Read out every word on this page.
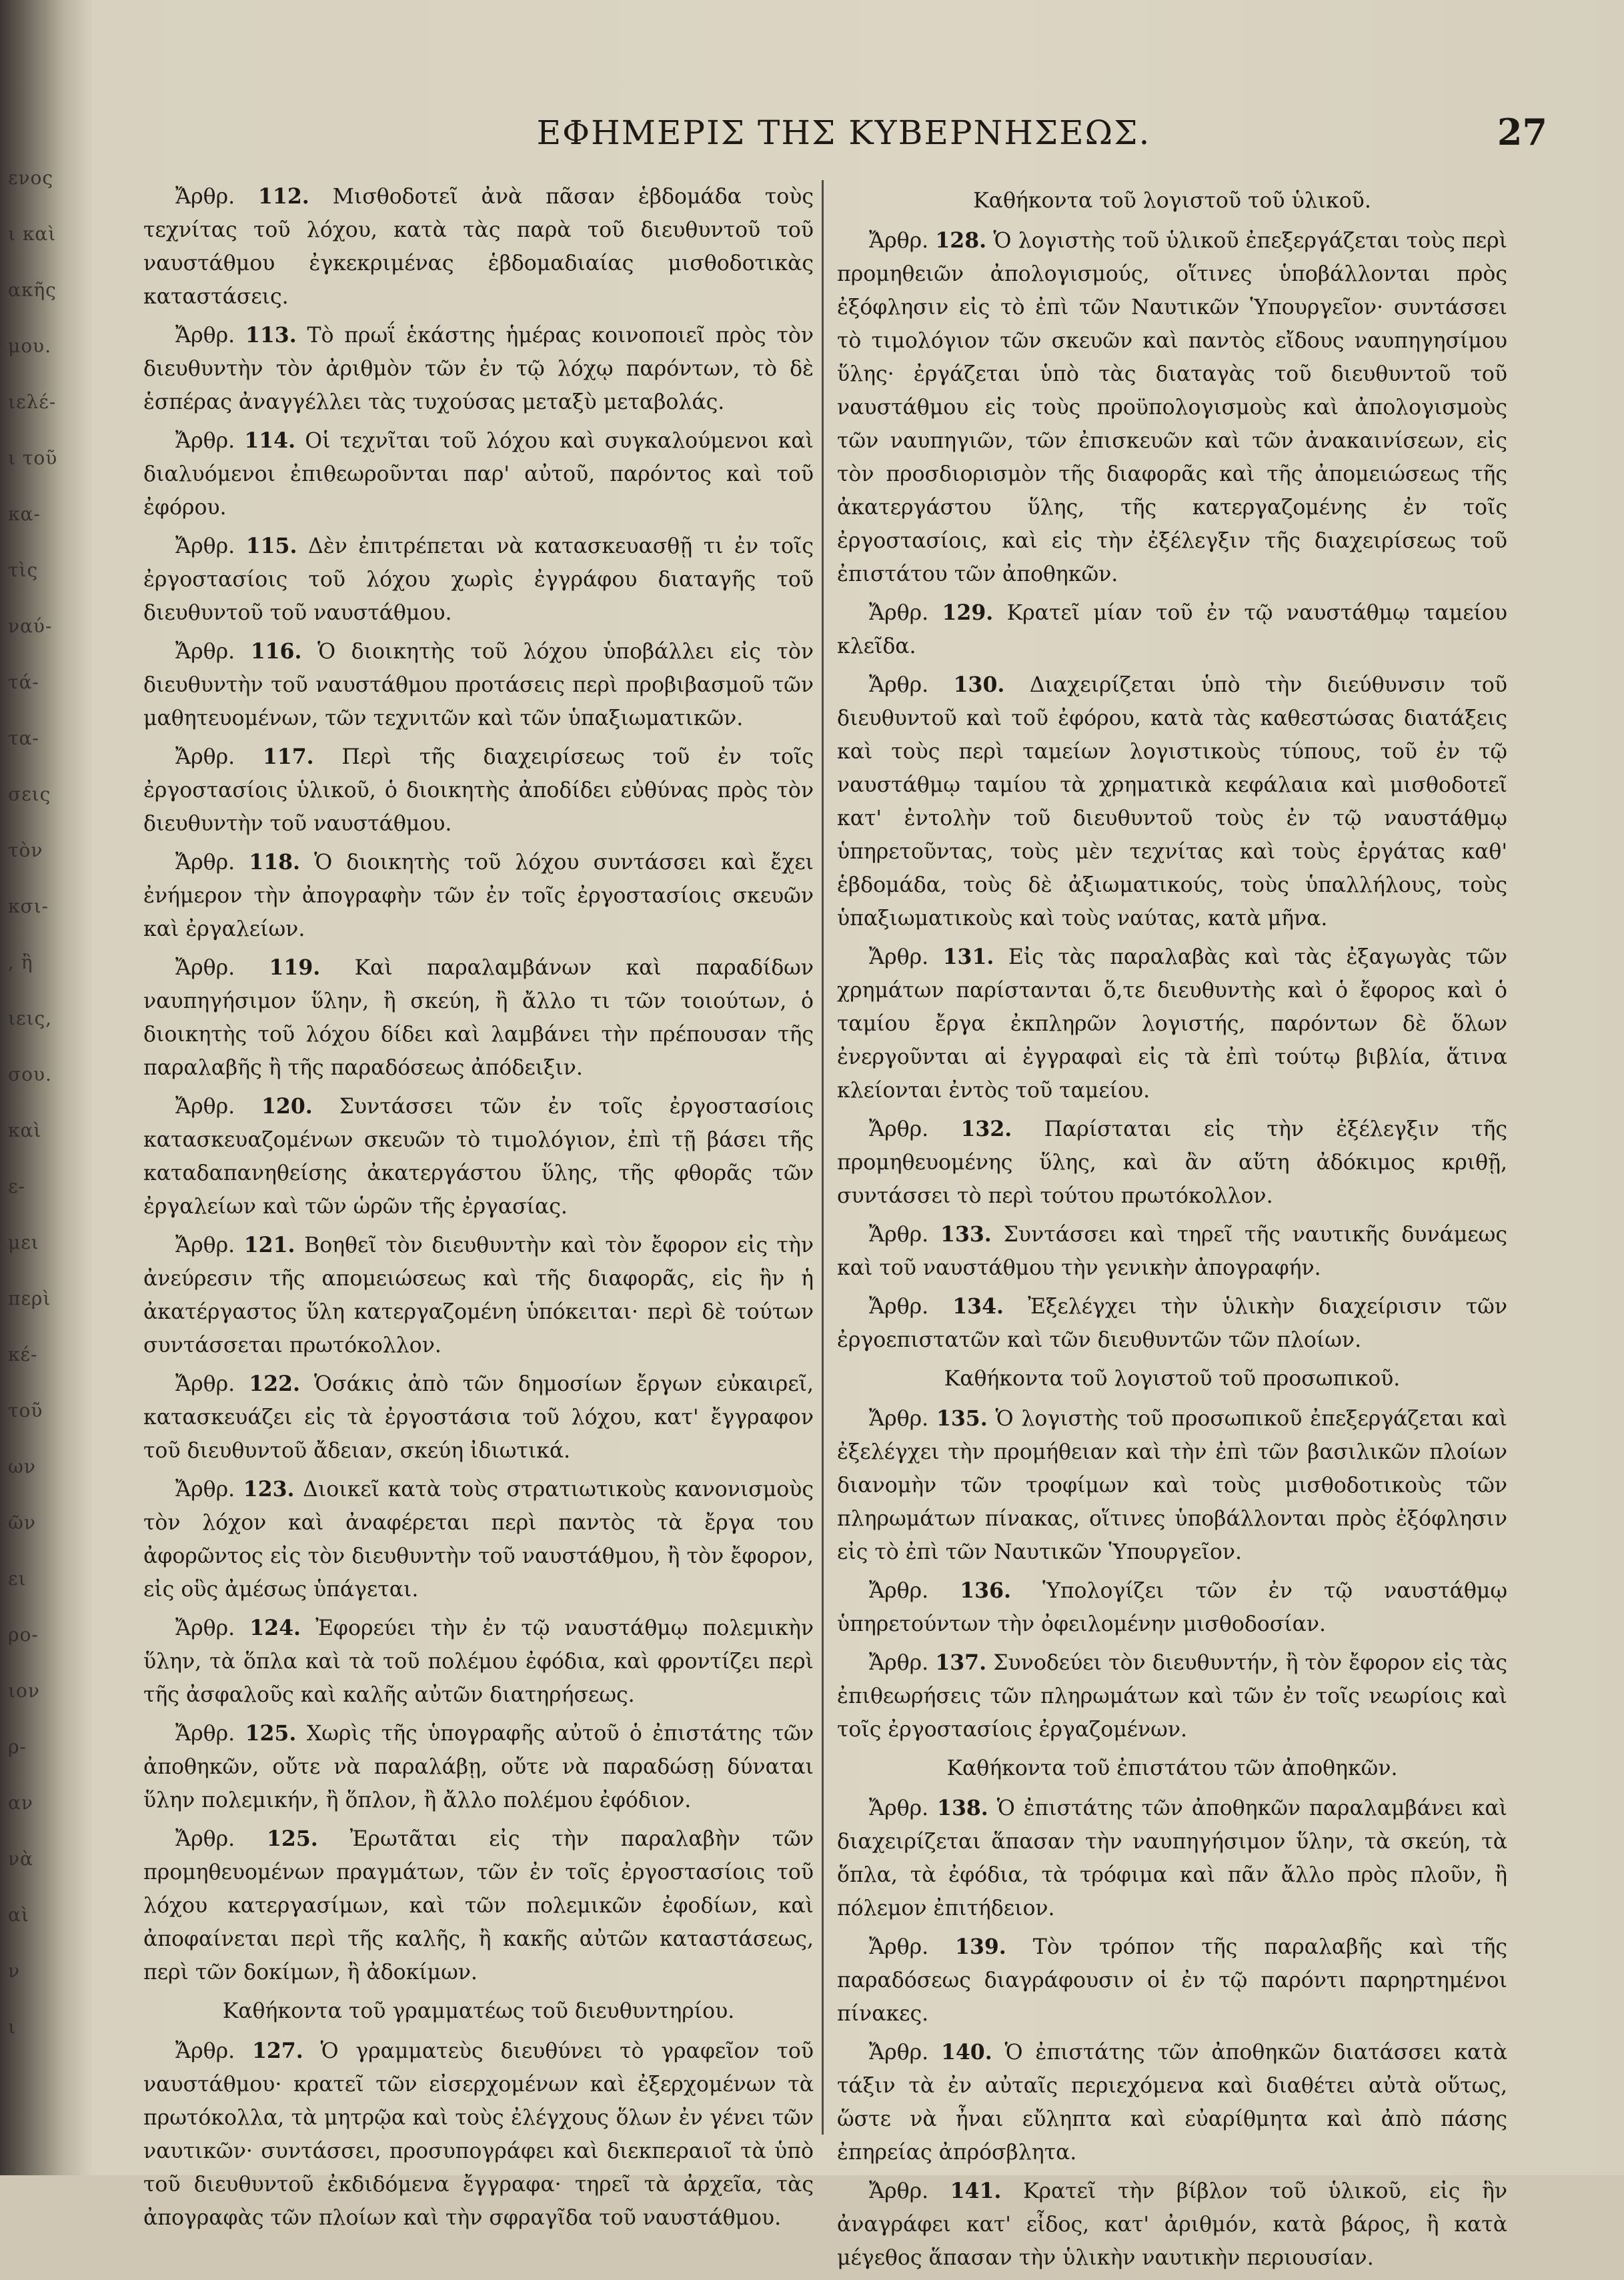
ενος
ι καὶ
ακῆς
μου.
ιελέ-
ι τοῦ
κα-
τὶς
ναύ-
τά-
τα-
σεις
τὸν
κσι-
, ἢ
ιεις,
σου.
καὶ
ε-
μει
περὶ
κέ-
τοῦ
ων
ῶν
ει
ρο-
ιον
ρ-
αν
νὰ
αὶ
ν
ι
ΕΦΗΜΕΡΙΣ ΤΗΣ ΚΥΒΕΡΝΗΣΕΩΣ.	27

Ἄρθρ. 112. Μισθοδοτεῖ ἀνὰ πᾶσαν ἑβδομάδα τοὺς τεχνίτας τοῦ λόχου, κατὰ τὰς παρὰ τοῦ διευθυντοῦ τοῦ ναυστάθμου ἐγκεκριμένας ἑβδομαδιαίας μισθοδοτικὰς καταστάσεις.

Ἄρθρ. 113. Τὸ πρωΐ ἑκάστης ἡμέρας κοινοποιεῖ πρὸς τὸν διευθυντὴν τὸν ἀριθμὸν τῶν ἐν τῷ λόχῳ παρόντων, τὸ δὲ ἑσπέρας ἀναγγέλλει τὰς τυχούσας μεταξὺ μεταβολάς.

Ἄρθρ. 114. Οἱ τεχνῖται τοῦ λόχου καὶ συγκαλούμενοι καὶ διαλυόμενοι ἐπιθεωροῦνται παρ' αὐτοῦ, παρόντος καὶ τοῦ ἐφόρου.

Ἄρθρ. 115. Δὲν ἐπιτρέπεται νὰ κατασκευασθῇ τι ἐν τοῖς ἐργοστασίοις τοῦ λόχου χωρὶς ἐγγράφου διαταγῆς τοῦ διευθυντοῦ τοῦ ναυστάθμου.

Ἄρθρ. 116. Ὁ διοικητὴς τοῦ λόχου ὑποβάλλει εἰς τὸν διευθυντὴν τοῦ ναυστάθμου προτάσεις περὶ προβιβασμοῦ τῶν μαθητευομένων, τῶν τεχνιτῶν καὶ τῶν ὑπαξιωματικῶν.

Ἄρθρ. 117. Περὶ τῆς διαχειρίσεως τοῦ ἐν τοῖς ἐργοστασίοις ὑλικοῦ, ὁ διοικητὴς ἀποδίδει εὐθύνας πρὸς τὸν διευθυντὴν τοῦ ναυστάθμου.

Ἄρθρ. 118. Ὁ διοικητὴς τοῦ λόχου συντάσσει καὶ ἔχει ἐνήμερον τὴν ἀπογραφὴν τῶν ἐν τοῖς ἐργοστασίοις σκευῶν καὶ ἐργαλείων.

Ἄρθρ. 119. Καὶ παραλαμβάνων καὶ παραδίδων ναυπηγήσιμον ὕλην, ἢ σκεύη, ἢ ἄλλο τι τῶν τοιούτων, ὁ διοικητὴς τοῦ λόχου δίδει καὶ λαμβάνει τὴν πρέπουσαν τῆς παραλαβῆς ἢ τῆς παραδόσεως ἀπόδειξιν.

Ἄρθρ. 120. Συντάσσει τῶν ἐν τοῖς ἐργοστασίοις κατασκευαζομένων σκευῶν τὸ τιμολόγιον, ἐπὶ τῇ βάσει τῆς καταδαπανηθείσης ἀκατεργάστου ὕλης, τῆς φθορᾶς τῶν ἐργαλείων καὶ τῶν ὡρῶν τῆς ἐργασίας.

Ἄρθρ. 121. Βοηθεῖ τὸν διευθυντὴν καὶ τὸν ἔφορον εἰς τὴν ἀνεύρεσιν τῆς απομειώσεως καὶ τῆς διαφορᾶς, εἰς ἣν ἡ ἀκατέργαστος ὕλη κατεργαζομένη ὑπόκειται· περὶ δὲ τούτων συντάσσεται πρωτόκολλον.

Ἄρθρ. 122. Ὁσάκις ἀπὸ τῶν δημοσίων ἔργων εὐκαιρεῖ, κατασκευάζει εἰς τὰ ἐργοστάσια τοῦ λόχου, κατ' ἔγγραφον τοῦ διευθυντοῦ ἄδειαν, σκεύη ἰδιωτικά.

Ἄρθρ. 123. Διοικεῖ κατὰ τοὺς στρατιωτικοὺς κανονισμοὺς τὸν λόχον καὶ ἀναφέρεται περὶ παντὸς τὰ ἔργα του ἀφορῶντος εἰς τὸν διευθυντὴν τοῦ ναυστάθμου, ἢ τὸν ἔφορον, εἰς οὓς ἀμέσως ὑπάγεται.

Ἄρθρ. 124. Ἐφορεύει τὴν ἐν τῷ ναυστάθμῳ πολεμικὴν ὕλην, τὰ ὅπλα καὶ τὰ τοῦ πολέμου ἐφόδια, καὶ φροντίζει περὶ τῆς ἀσφαλοῦς καὶ καλῆς αὐτῶν διατηρήσεως.

Ἄρθρ. 125. Χωρὶς τῆς ὑπογραφῆς αὐτοῦ ὁ ἐπιστάτης τῶν ἀποθηκῶν, οὔτε νὰ παραλάβῃ, οὔτε νὰ παραδώσῃ δύναται ὕλην πολεμικήν, ἢ ὅπλον, ἢ ἄλλο πολέμου ἐφόδιον.

Ἄρθρ. 125. Ἐρωτᾶται εἰς τὴν παραλαβὴν τῶν προμηθευομένων πραγμάτων, τῶν ἐν τοῖς ἐργοστασίοις τοῦ λόχου κατεργασίμων, καὶ τῶν πολεμικῶν ἐφοδίων, καὶ ἀποφαίνεται περὶ τῆς καλῆς, ἢ κακῆς αὐτῶν καταστάσεως, περὶ τῶν δοκίμων, ἢ ἀδοκίμων.

Καθήκοντα τοῦ γραμματέως τοῦ διευθυντηρίου.

Ἄρθρ. 127. Ὁ γραμματεὺς διευθύνει τὸ γραφεῖον τοῦ ναυστάθμου· κρατεῖ τῶν εἰσερχομένων καὶ ἐξερχομένων τὰ πρωτόκολλα, τὰ μητρῷα καὶ τοὺς ἐλέγχους ὅλων ἐν γένει τῶν ναυτικῶν· συντάσσει, προσυπογράφει καὶ διεκπεραιοῖ τὰ ὑπὸ τοῦ διευθυντοῦ ἐκδιδόμενα ἔγγραφα· τηρεῖ τὰ ἀρχεῖα, τὰς ἀπογραφὰς τῶν πλοίων καὶ τὴν σφραγῖδα τοῦ ναυστάθμου.

Καθήκοντα τοῦ λογιστοῦ τοῦ ὑλικοῦ.

Ἄρθρ. 128. Ὁ λογιστὴς τοῦ ὑλικοῦ ἐπεξεργάζεται τοὺς περὶ προμηθειῶν ἀπολογισμούς, οἵτινες ὑποβάλλονται πρὸς ἐξόφλησιν εἰς τὸ ἐπὶ τῶν Ναυτικῶν Ὑπουργεῖον· συντάσσει τὸ τιμολόγιον τῶν σκευῶν καὶ παντὸς εἴδους ναυπηγησίμου ὕλης· ἐργάζεται ὑπὸ τὰς διαταγὰς τοῦ διευθυντοῦ τοῦ ναυστάθμου εἰς τοὺς προϋπολογισμοὺς καὶ ἀπολογισμοὺς τῶν ναυπηγιῶν, τῶν ἐπισκευῶν καὶ τῶν ἀνακαινίσεων, εἰς τὸν προσδιορισμὸν τῆς διαφορᾶς καὶ τῆς ἀπομειώσεως τῆς ἀκατεργάστου ὕλης, τῆς κατεργαζομένης ἐν τοῖς ἐργοστασίοις, καὶ εἰς τὴν ἐξέλεγξιν τῆς διαχειρίσεως τοῦ ἐπιστάτου τῶν ἀποθηκῶν.

Ἄρθρ. 129. Κρατεῖ μίαν τοῦ ἐν τῷ ναυστάθμῳ ταμείου κλεῖδα.

Ἄρθρ. 130. Διαχειρίζεται ὑπὸ τὴν διεύθυνσιν τοῦ διευθυντοῦ καὶ τοῦ ἐφόρου, κατὰ τὰς καθεστώσας διατάξεις καὶ τοὺς περὶ ταμείων λογιστικοὺς τύπους, τοῦ ἐν τῷ ναυστάθμῳ ταμίου τὰ χρηματικὰ κεφάλαια καὶ μισθοδοτεῖ κατ' ἐντολὴν τοῦ διευθυντοῦ τοὺς ἐν τῷ ναυστάθμῳ ὑπηρετοῦντας, τοὺς μὲν τεχνίτας καὶ τοὺς ἐργάτας καθ' ἑβδομάδα, τοὺς δὲ ἀξιωματικούς, τοὺς ὑπαλλήλους, τοὺς ὑπαξιωματικοὺς καὶ τοὺς ναύτας, κατὰ μῆνα.

Ἄρθρ. 131. Εἰς τὰς παραλαβὰς καὶ τὰς ἐξαγωγὰς τῶν χρημάτων παρίστανται ὅ,τε διευθυντὴς καὶ ὁ ἔφορος καὶ ὁ ταμίου ἔργα ἐκπληρῶν λογιστής, παρόντων δὲ ὅλων ἐνεργοῦνται αἱ ἐγγραφαὶ εἰς τὰ ἐπὶ τούτῳ βιβλία, ἅτινα κλείονται ἐντὸς τοῦ ταμείου.

Ἄρθρ. 132. Παρίσταται εἰς τὴν ἐξέλεγξιν τῆς προμηθευομένης ὕλης, καὶ ἂν αὕτη ἀδόκιμος κριθῇ, συντάσσει τὸ περὶ τούτου πρωτόκολλον.

Ἄρθρ. 133. Συντάσσει καὶ τηρεῖ τῆς ναυτικῆς δυνάμεως καὶ τοῦ ναυστάθμου τὴν γενικὴν ἀπογραφήν.

Ἄρθρ. 134. Ἐξελέγχει τὴν ὑλικὴν διαχείρισιν τῶν ἐργοεπιστατῶν καὶ τῶν διευθυντῶν τῶν πλοίων.

Καθήκοντα τοῦ λογιστοῦ τοῦ προσωπικοῦ.

Ἄρθρ. 135. Ὁ λογιστὴς τοῦ προσωπικοῦ ἐπεξεργάζεται καὶ ἐξελέγχει τὴν προμήθειαν καὶ τὴν ἐπὶ τῶν βασιλικῶν πλοίων διανομὴν τῶν τροφίμων καὶ τοὺς μισθοδοτικοὺς τῶν πληρωμάτων πίνακας, οἵτινες ὑποβάλλονται πρὸς ἐξόφλησιν εἰς τὸ ἐπὶ τῶν Ναυτικῶν Ὑπουργεῖον.

Ἄρθρ. 136. Ὑπολογίζει τῶν ἐν τῷ ναυστάθμῳ ὑπηρετούντων τὴν ὀφειλομένην μισθοδοσίαν.

Ἄρθρ. 137. Συνοδεύει τὸν διευθυντήν, ἢ τὸν ἔφορον εἰς τὰς ἐπιθεωρήσεις τῶν πληρωμάτων καὶ τῶν ἐν τοῖς νεωρίοις καὶ τοῖς ἐργοστασίοις ἐργαζομένων.

Καθήκοντα τοῦ ἐπιστάτου τῶν ἀποθηκῶν.

Ἄρθρ. 138. Ὁ ἐπιστάτης τῶν ἀποθηκῶν παραλαμβάνει καὶ διαχειρίζεται ἅπασαν τὴν ναυπηγήσιμον ὕλην, τὰ σκεύη, τὰ ὅπλα, τὰ ἐφόδια, τὰ τρόφιμα καὶ πᾶν ἄλλο πρὸς πλοῦν, ἢ πόλεμον ἐπιτήδειον.

Ἄρθρ. 139. Τὸν τρόπον τῆς παραλαβῆς καὶ τῆς παραδόσεως διαγράφουσιν οἱ ἐν τῷ παρόντι παρηρτημένοι πίνακες.

Ἄρθρ. 140. Ὁ ἐπιστάτης τῶν ἀποθηκῶν διατάσσει κατὰ τάξιν τὰ ἐν αὐταῖς περιεχόμενα καὶ διαθέτει αὐτὰ οὕτως, ὥστε νὰ ἦναι εὔληπτα καὶ εὐαρίθμητα καὶ ἀπὸ πάσης ἐπηρείας ἀπρόσβλητα.

Ἄρθρ. 141. Κρατεῖ τὴν βίβλον τοῦ ὑλικοῦ, εἰς ἣν ἀναγράφει κατ' εἶδος, κατ' ἀριθμόν, κατὰ βάρος, ἢ κατὰ μέγεθος ἅπασαν τὴν ὑλικὴν ναυτικὴν περιουσίαν.
